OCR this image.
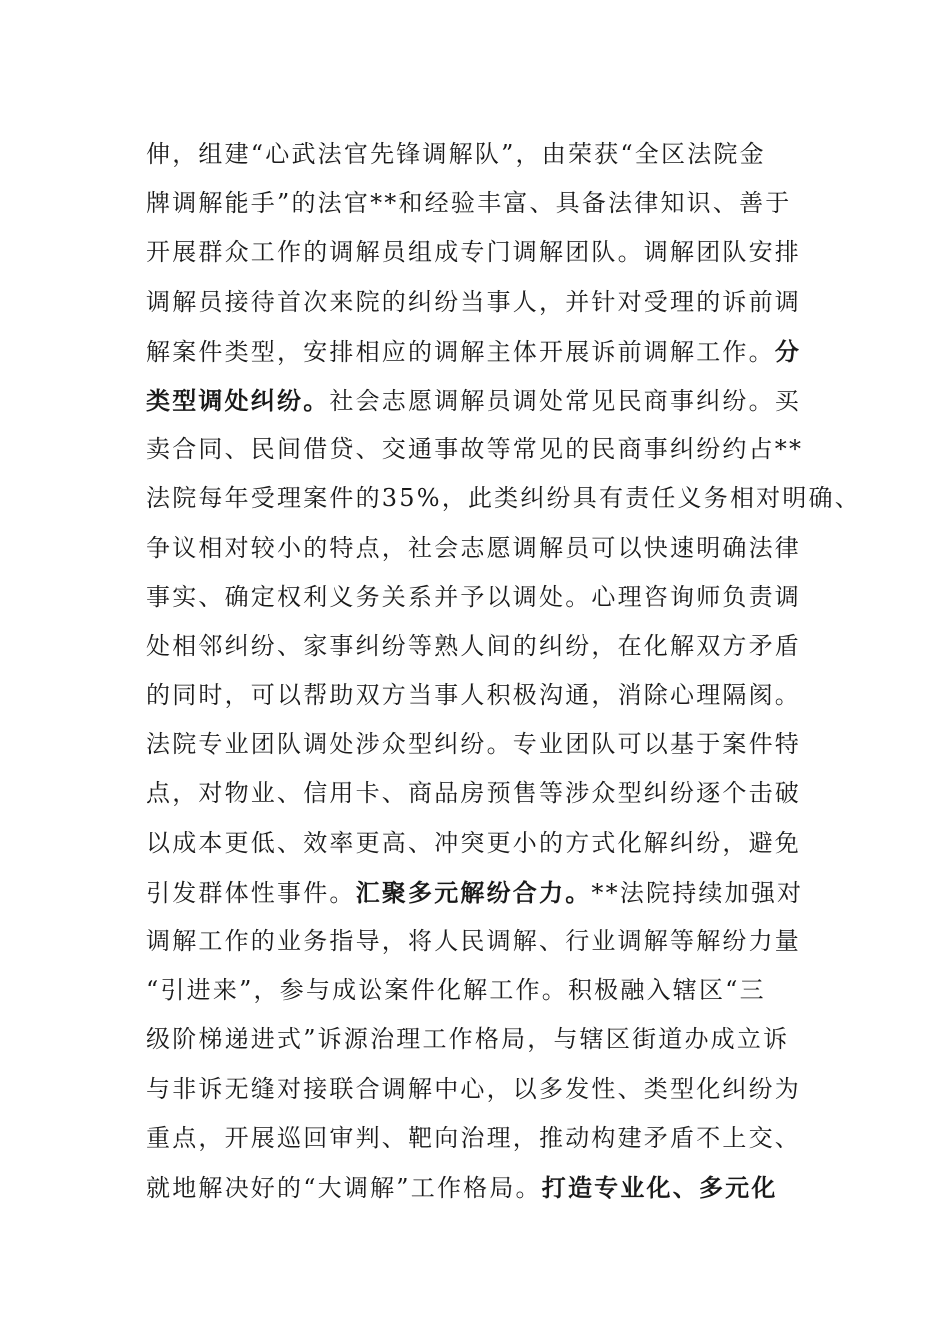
伸，组建“心武法官先锋调解队”，由荣获“全区法院金
牌调解能手”的法官**和经验丰富、具备法律知识、善于
开展群众工作的调解员组成专门调解团队。调解团队安排
调解员接待首次来院的纠纷当事人，并针对受理的诉前调
解案件类型，安排相应的调解主体开展诉前调解工作。分
类型调处纠纷。社会志愿调解员调处常见民商事纠纷。买
卖合同、民间借贷、交通事故等常见的民商事纠纷约占**
法院每年受理案件的35%，此类纠纷具有责任义务相对明确、
争议相对较小的特点，社会志愿调解员可以快速明确法律
事实、确定权利义务关系并予以调处。心理咨询师负责调
处相邻纠纷、家事纠纷等熟人间的纠纷，在化解双方矛盾
的同时，可以帮助双方当事人积极沟通，消除心理隔阂。
法院专业团队调处涉众型纠纷。专业团队可以基于案件特
点，对物业、信用卡、商品房预售等涉众型纠纷逐个击破
以成本更低、效率更高、冲突更小的方式化解纠纷，避免
引发群体性事件。汇聚多元解纷合力。**法院持续加强对
调解工作的业务指导，将人民调解、行业调解等解纷力量
“引进来”，参与成讼案件化解工作。积极融入辖区“三
级阶梯递进式”诉源治理工作格局，与辖区街道办成立诉
与非诉无缝对接联合调解中心，以多发性、类型化纠纷为
重点，开展巡回审判、靶向治理，推动构建矛盾不上交、
就地解决好的“大调解”工作格局。打造专业化、多元化
